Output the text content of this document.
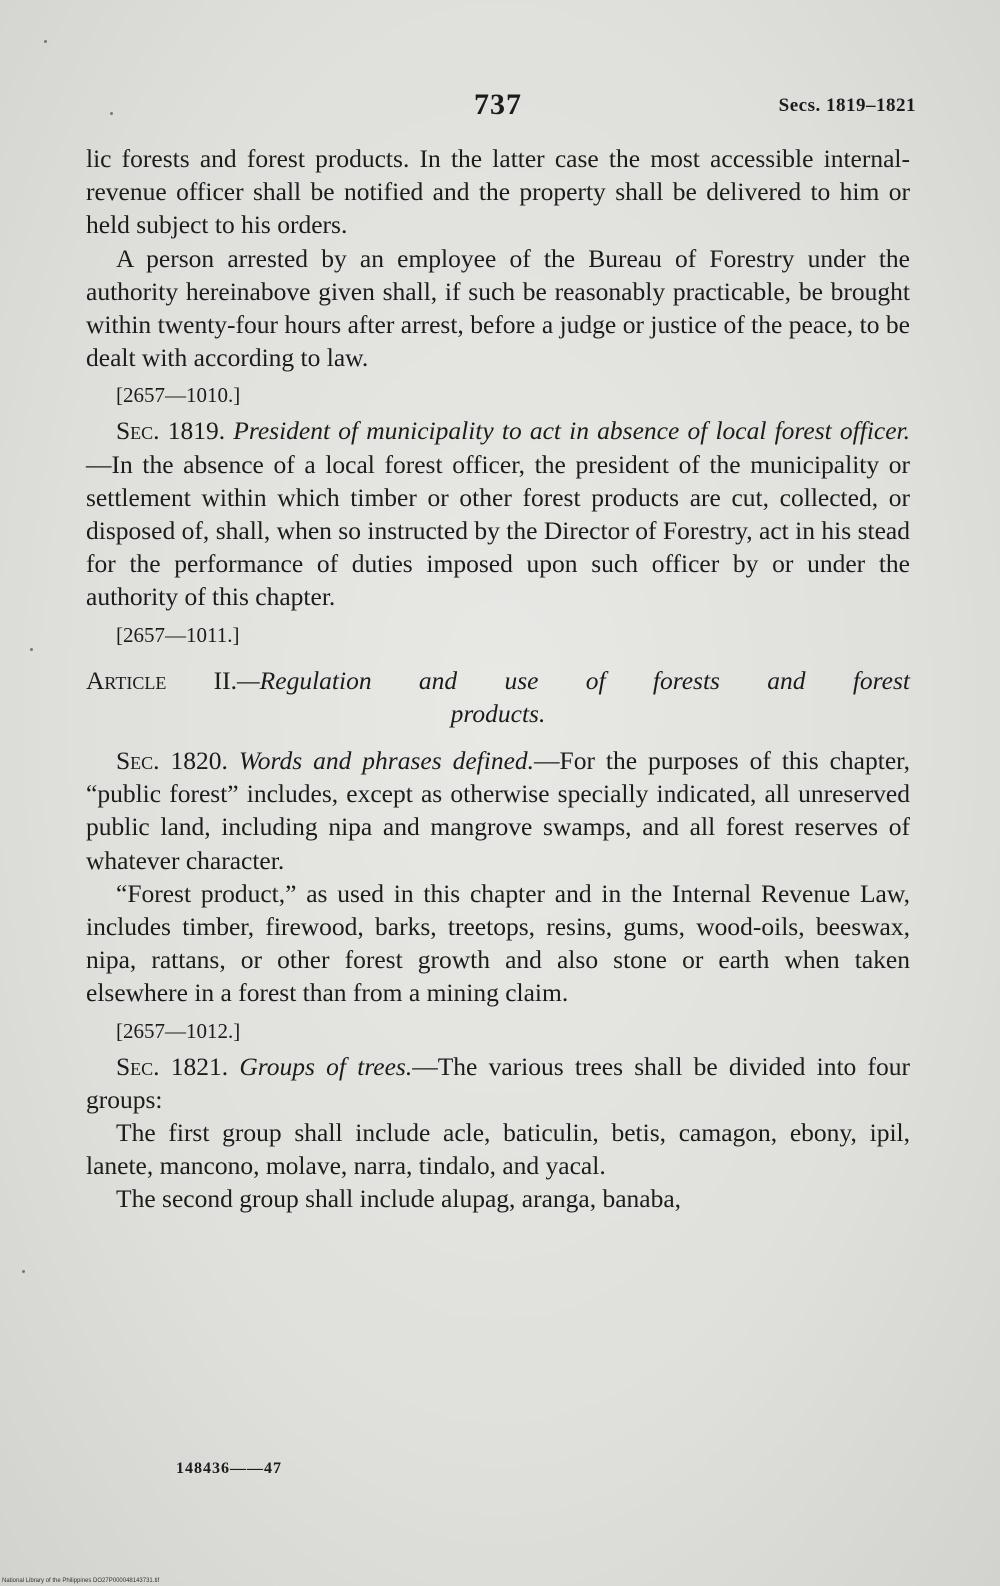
737	Secs. 1819–1821

lic forests and forest products. In the latter case the most accessible internal-revenue officer shall be notified and the property shall be delivered to him or held subject to his orders.

A person arrested by an employee of the Bureau of Forestry under the authority hereinabove given shall, if such be reasonably practicable, be brought within twenty-four hours after arrest, before a judge or justice of the peace, to be dealt with according to law.

[2657—1010.]

Sec. 1819. President of municipality to act in absence of local forest officer.—In the absence of a local forest officer, the president of the municipality or settlement within which timber or other forest products are cut, collected, or disposed of, shall, when so instructed by the Director of Forestry, act in his stead for the performance of duties imposed upon such officer by or under the authority of this chapter.

[2657—1011.]

Article II.—Regulation and use of forests and forest
products.

Sec. 1820. Words and phrases defined.—For the purposes of this chapter, “public forest” includes, except as otherwise specially indicated, all unreserved public land, including nipa and mangrove swamps, and all forest reserves of whatever character.

“Forest product,” as used in this chapter and in the Internal Revenue Law, includes timber, firewood, barks, treetops, resins, gums, wood-oils, beeswax, nipa, rattans, or other forest growth and also stone or earth when taken elsewhere in a forest than from a mining claim.

[2657—1012.]

Sec. 1821. Groups of trees.—The various trees shall be divided into four groups:

The first group shall include acle, baticulin, betis, camagon, ebony, ipil, lanete, mancono, molave, narra, tindalo, and yacal.

The second group shall include alupag, aranga, banaba,

148436——47
National Library of the Philippines DO27P000048143731.tif
